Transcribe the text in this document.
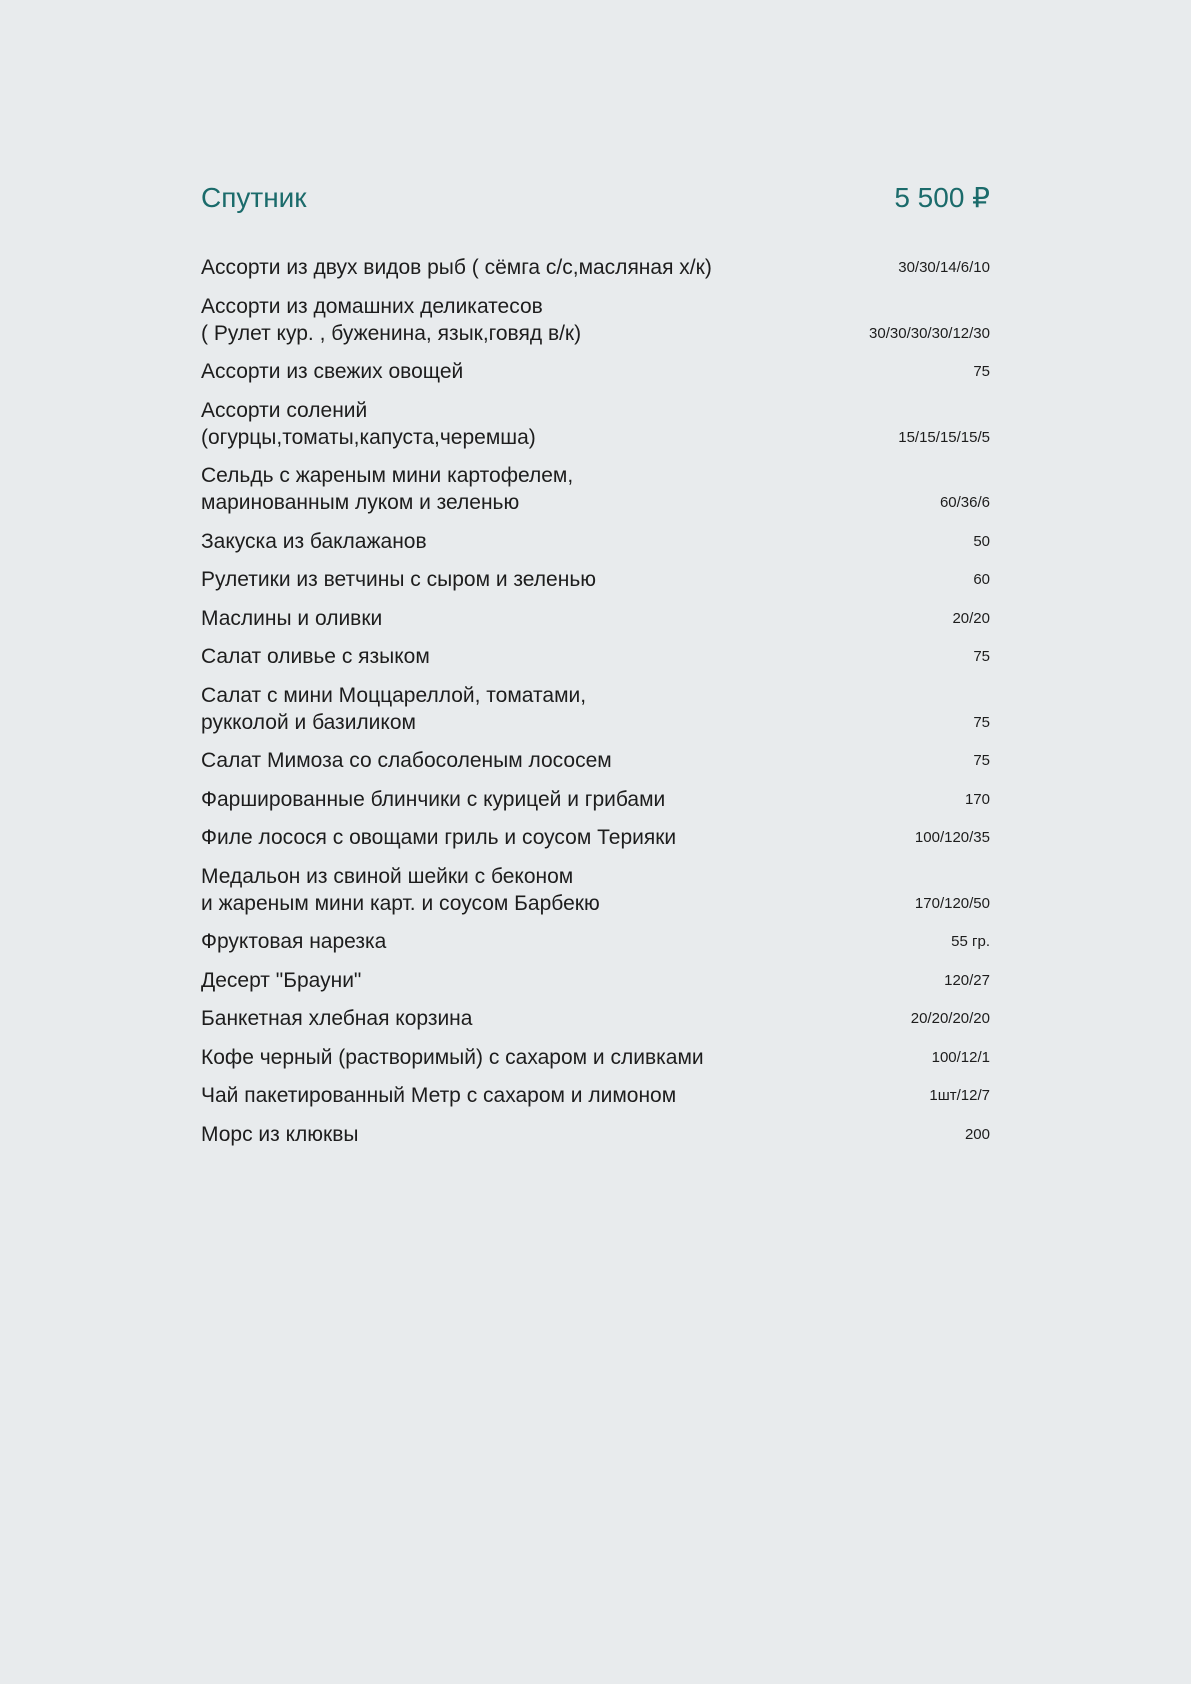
Спутник	5 500 ₽
Ассорти из двух видов рыб ( сёмга с/с,масляная х/к)	30/30/14/6/10
Ассорти из домашних деликатесов
( Рулет кур. , буженина, язык,говяд в/к)	30/30/30/30/12/30
Ассорти из свежих овощей	75
Ассорти солений
(огурцы,томаты,капуста,черемша)	15/15/15/15/5
Сельдь с жареным мини картофелем,
маринованным луком и зеленью	60/36/6
Закуска из баклажанов	50
Рулетики из ветчины с сыром и зеленью	60
Маслины и оливки	20/20
Салат оливье с языком	75
Салат с мини Моццареллой, томатами,
рукколой и базиликом	75
Салат Мимоза со слабосоленым лососем	75
Фаршированные блинчики с курицей и грибами	170
Филе лосося с овощами гриль и соусом Терияки	100/120/35
Медальон из свиной шейки с беконом
и жареным мини карт. и соусом Барбекю	170/120/50
Фруктовая нарезка	55 гр.
Десерт "Брауни"	120/27
Банкетная хлебная корзина	20/20/20/20
Кофе черный (растворимый) с сахаром и сливками	100/12/1
Чай пакетированный Метр с сахаром и лимоном	1шт/12/7
Морс из клюквы	200
